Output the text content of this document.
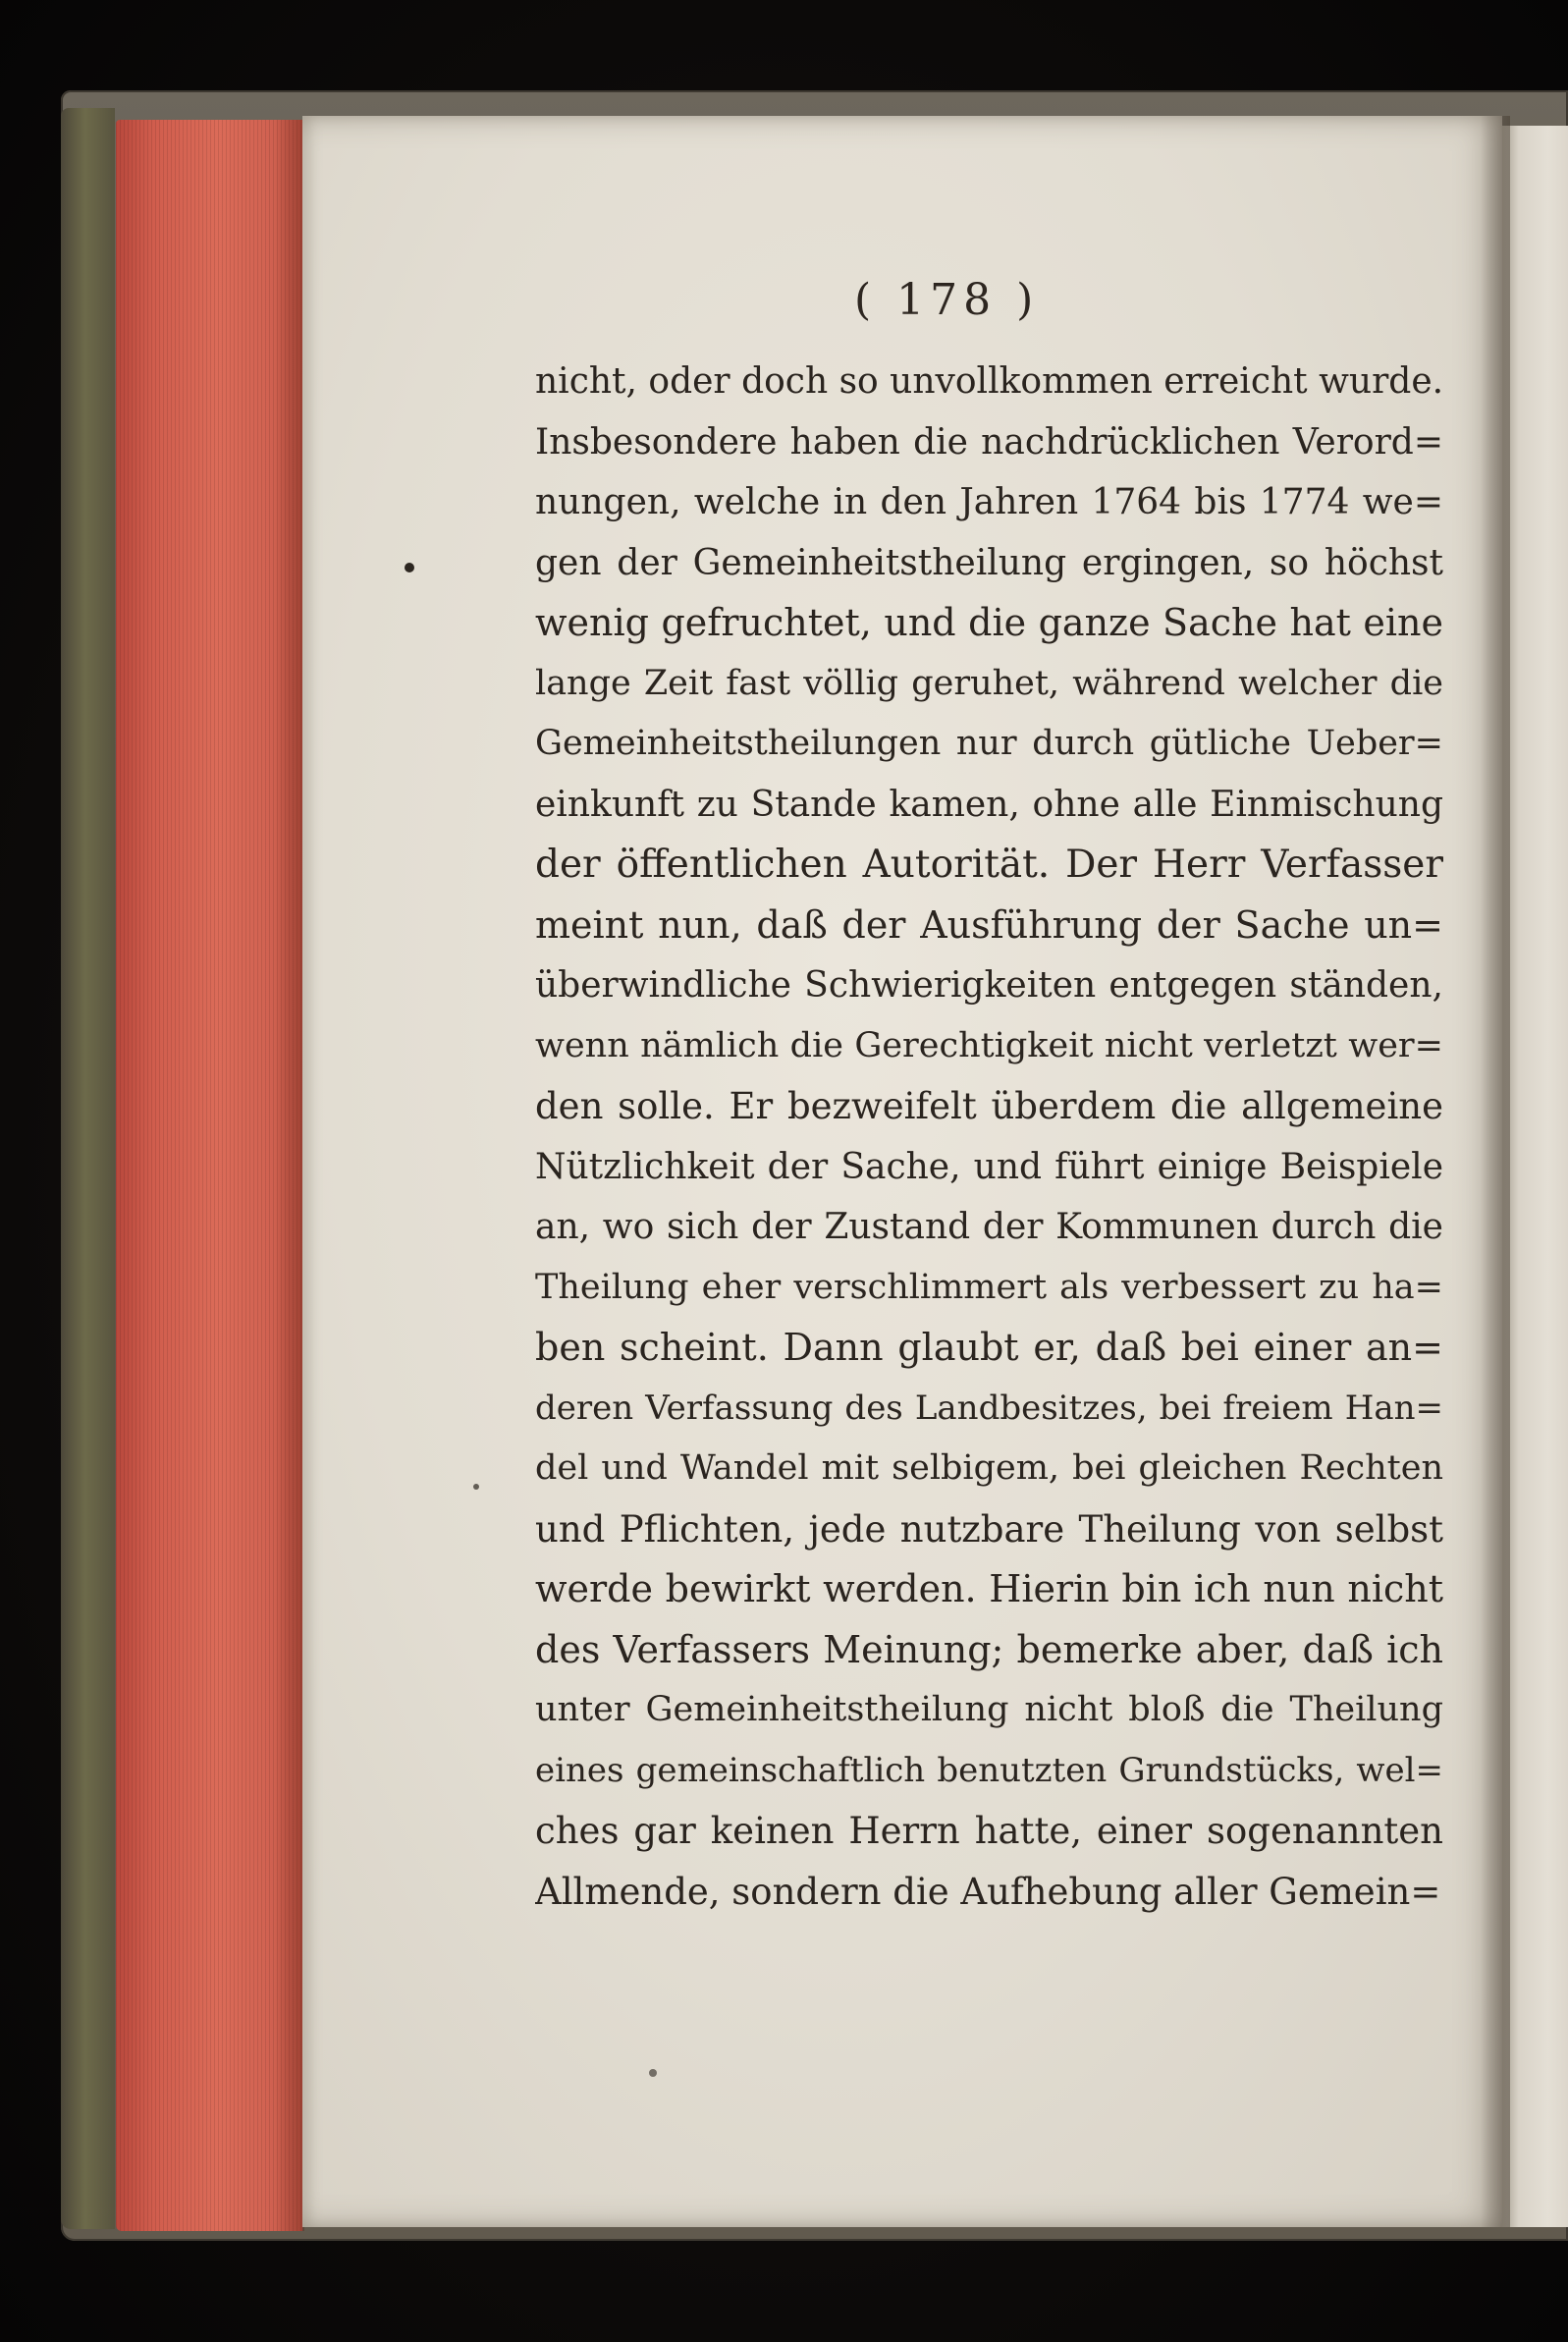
( 178 )
nicht, oder doch so unvollkommen erreicht wurde.
Insbesondere haben die nachdrücklichen Verord=
nungen, welche in den Jahren 1764 bis 1774 we=
gen der Gemeinheitstheilung ergingen, so höchst
wenig gefruchtet, und die ganze Sache hat eine
lange Zeit fast völlig geruhet, während welcher die
Gemeinheitstheilungen nur durch gütliche Ueber=
einkunft zu Stande kamen, ohne alle Einmischung
der öffentlichen Autorität. Der Herr Verfasser
meint nun, daß der Ausführung der Sache un=
überwindliche Schwierigkeiten entgegen ständen,
wenn nämlich die Gerechtigkeit nicht verletzt wer=
den solle. Er bezweifelt überdem die allgemeine
Nützlichkeit der Sache, und führt einige Beispiele
an, wo sich der Zustand der Kommunen durch die
Theilung eher verschlimmert als verbessert zu ha=
ben scheint. Dann glaubt er, daß bei einer an=
deren Verfassung des Landbesitzes, bei freiem Han=
del und Wandel mit selbigem, bei gleichen Rechten
und Pflichten, jede nutzbare Theilung von selbst
werde bewirkt werden. Hierin bin ich nun nicht
des Verfassers Meinung; bemerke aber, daß ich
unter Gemeinheitstheilung nicht bloß die Theilung
eines gemeinschaftlich benutzten Grundstücks, wel=
ches gar keinen Herrn hatte, einer sogenannten
Allmende, sondern die Aufhebung aller Gemein=
